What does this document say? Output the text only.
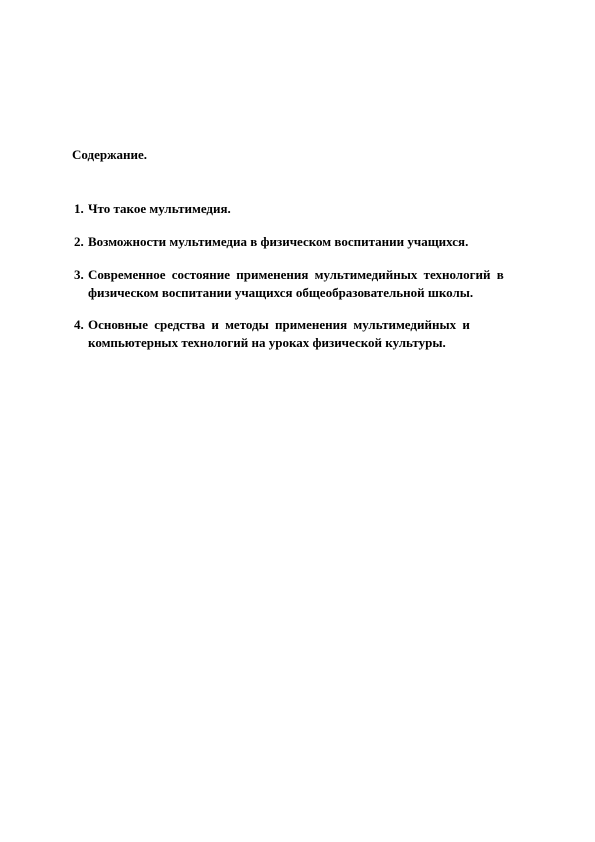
Содержание.
1. Что такое мультимедия.
2. Возможности мультимедиа в физическом воспитании учащихся.
3. Современное состояние применения мультимедийных технологий в
физическом воспитании учащихся общеобразовательной школы.
4. Основные средства и методы применения мультимедийных и
компьютерных технологий на уроках физической культуры.
